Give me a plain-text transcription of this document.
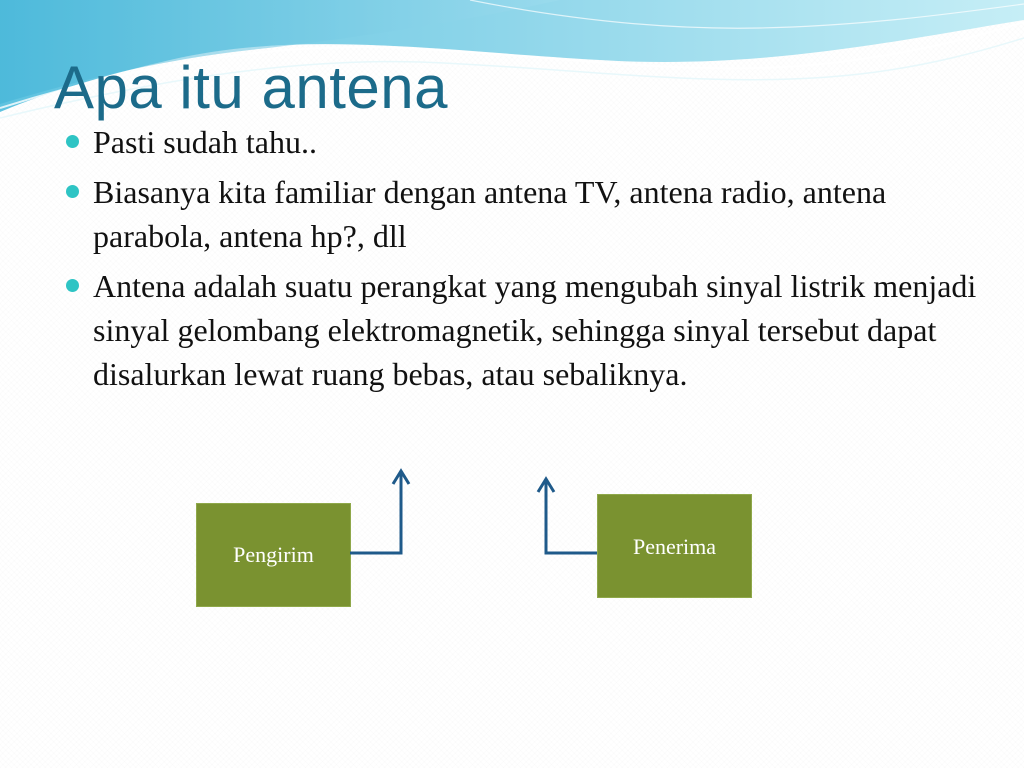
Apa itu antena
Pasti sudah tahu..
Biasanya kita familiar dengan antena TV, antena radio, antena parabola, antena hp?, dll
Antena adalah suatu perangkat yang mengubah sinyal listrik menjadi sinyal gelombang elektromagnetik, sehingga sinyal tersebut dapat disalurkan lewat ruang bebas, atau sebaliknya.
Pengirim	Penerima
